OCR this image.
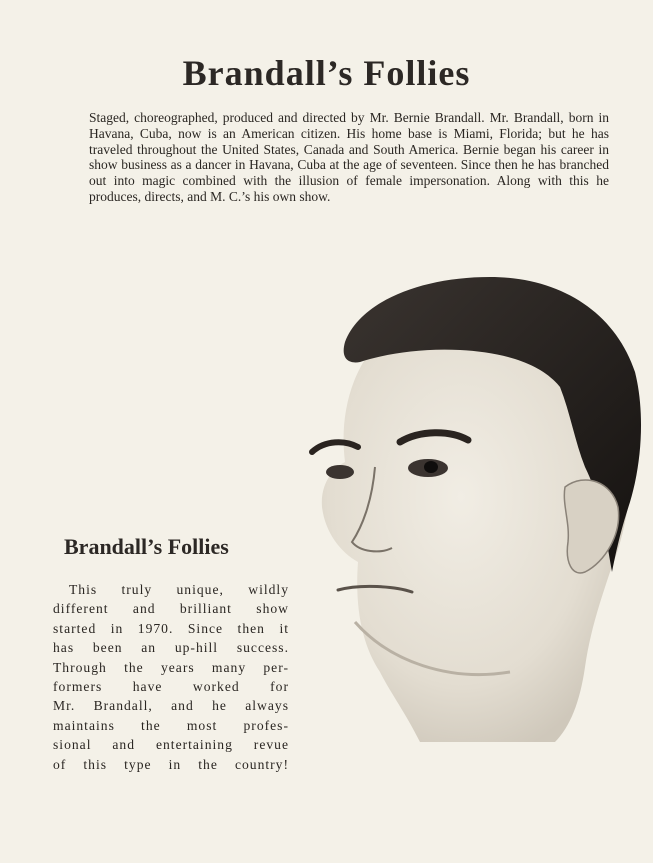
Brandall’s Follies

Staged, choreographed, produced and directed by Mr. Bernie Brandall. Mr. Brandall, born in Havana, Cuba, now is an American citizen. His home base is Miami, Florida; but he has traveled throughout the United States, Canada and South America. Bernie began his career in show business as a dancer in Havana, Cuba at the age of seventeen. Since then he has branched out into magic combined with the illusion of female impersonation. Along with this he produces, directs, and M. C.’s his own show.

Brandall’s Follies
This truly unique, wildly
different and brilliant show
started in 1970. Since then it
has been an up-hill success.
Through the years many per-
formers have worked for
Mr. Brandall, and he always
maintains the most profes-
sional and entertaining revue
of this type in the country!
